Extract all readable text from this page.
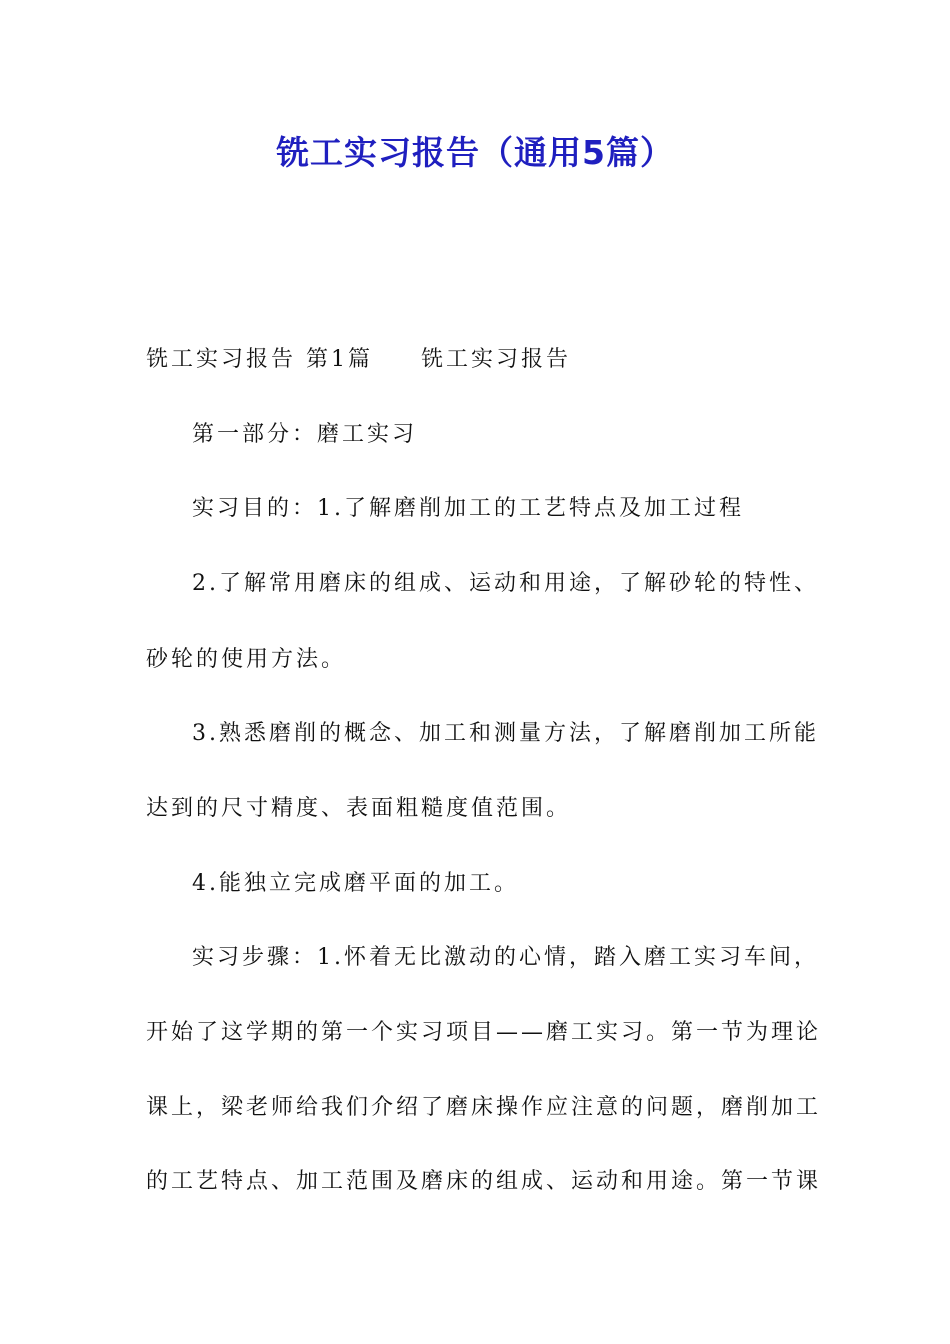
铣工实习报告（通用5篇）
铣工实习报告 第1篇 铣工实习报告
第一部分：磨工实习
实习目的：1.了解磨削加工的工艺特点及加工过程
2.了解常用磨床的组成、运动和用途，了解砂轮的特性、
砂轮的使用方法。
3.熟悉磨削的概念、加工和测量方法，了解磨削加工所能
达到的尺寸精度、表面粗糙度值范围。
4.能独立完成磨平面的加工。
实习步骤：1.怀着无比激动的心情，踏入磨工实习车间，
开始了这学期的第一个实习项目——磨工实习。第一节为理论
课上，梁老师给我们介绍了磨床操作应注意的问题，磨削加工
的工艺特点、加工范围及磨床的组成、运动和用途。第一节课
